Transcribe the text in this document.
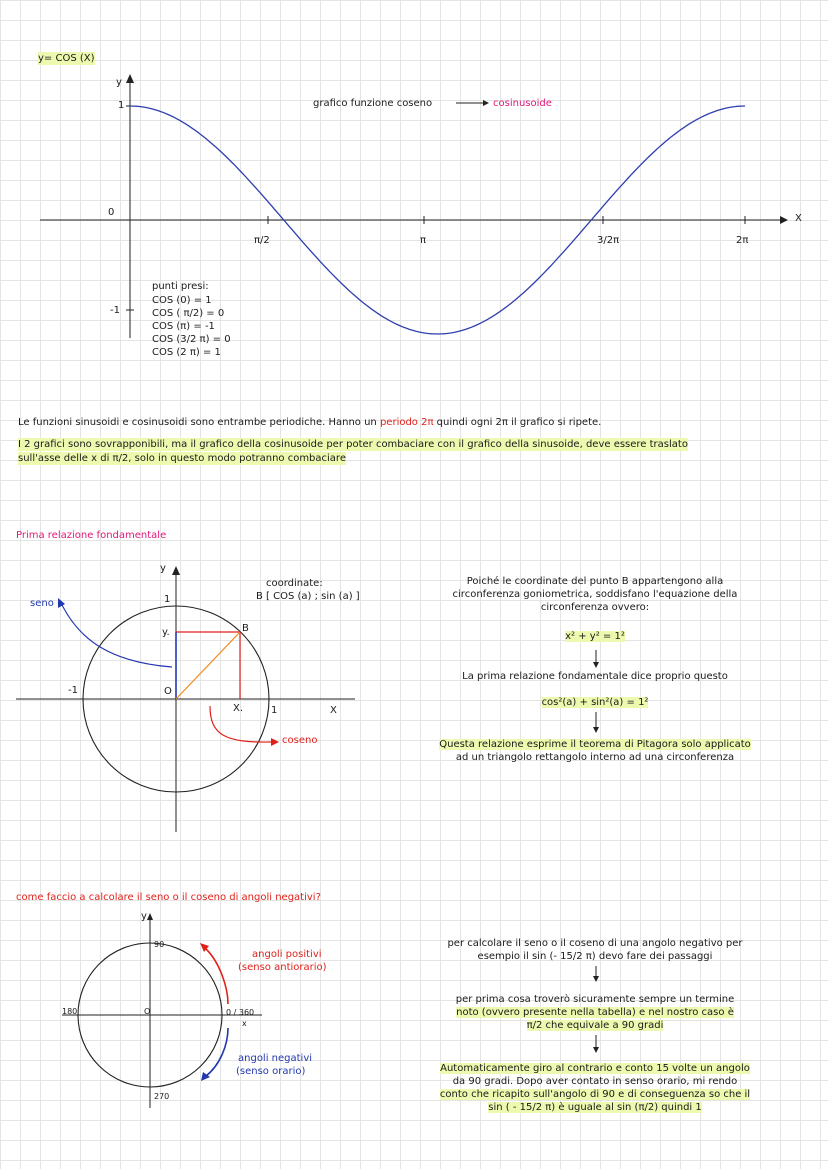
y= COS (X)
y
1
0
-1
π/2	π	3/2π	2π
X
grafico funzione coseno	cosinusoide
punti presi:
COS (0) = 1
COS ( π/2) = 0
COS (π) = -1
COS (3/2 π) = 0
COS (2 π) = 1
Le funzioni sinusoidi e cosinusoidi sono entrambe periodiche. Hanno un periodo 2π quindi ogni 2π il grafico si ripete.
I 2 grafici sono sovrapponibili, ma il grafico della cosinusoide per poter combaciare con il grafico della sinusoide, deve essere traslato
sull'asse delle x di π/2, solo in questo modo potranno combaciare
Prima relazione fondamentale
y
1
-1
1	X
O
y.
X.
B
seno
coseno
coordinate:
B [ COS (a) ; sin (a) ]
Poiché le coordinate del punto B appartengono alla
circonferenza goniometrica, soddisfano l'equazione della
circonferenza ovvero:
x² + y² = 1²
La prima relazione fondamentale dice proprio questo
cos²(a) + sin²(a) = 1²
Questa relazione esprime il teorema di Pitagora solo applicato
ad un triangolo rettangolo interno ad una circonferenza
come faccio a calcolare il seno o il coseno di angoli negativi?
y
90
180	O	0 / 360
x
270
angoli positivi
(senso antiorario)
angoli negativi
(senso orario)
per calcolare il seno o il coseno di una angolo negativo per
esempio il sin (- 15/2 π) devo fare dei passaggi
per prima cosa troverò sicuramente sempre un termine
noto (ovvero presente nella tabella) e nel nostro caso è
π/2 che equivale a 90 gradi
Automaticamente giro al contrario e conto 15 volte un angolo
da 90 gradi. Dopo aver contato in senso orario, mi rendo
conto che ricapito sull'angolo di 90 e di conseguenza so che il
sin ( - 15/2 π) è uguale al sin (π/2) quindi 1
